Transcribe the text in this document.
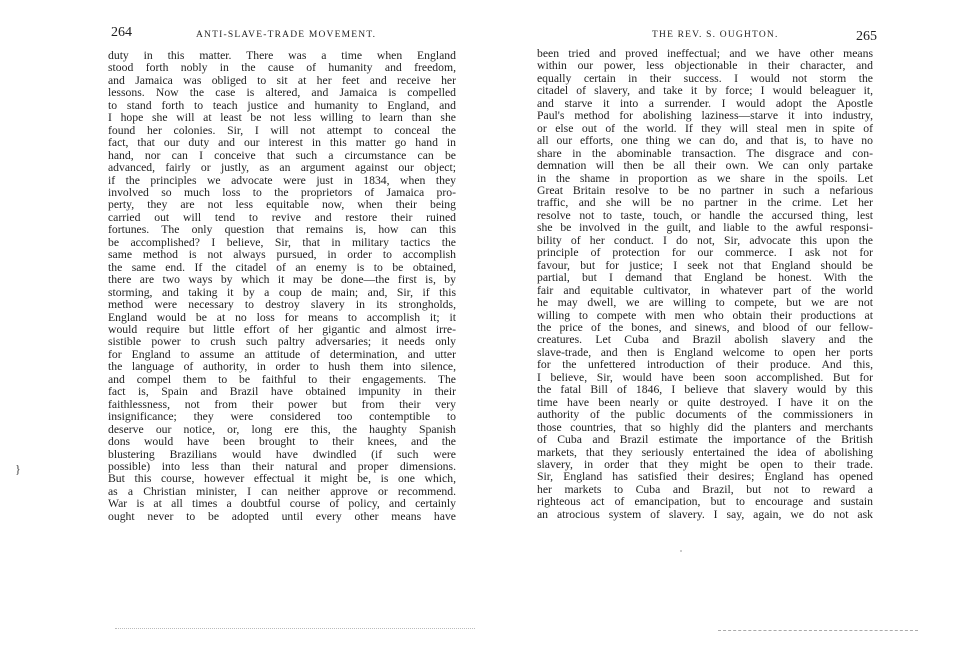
264	ANTI-SLAVE-TRADE MOVEMENT.
duty in this matter. There was a time when England
stood forth nobly in the cause of humanity and freedom,
and Jamaica was obliged to sit at her feet and receive her
lessons. Now the case is altered, and Jamaica is compelled
to stand forth to teach justice and humanity to England, and
I hope she will at least be not less willing to learn than she
found her colonies. Sir, I will not attempt to conceal the
fact, that our duty and our interest in this matter go hand in
hand, nor can I conceive that such a circumstance can be
advanced, fairly or justly, as an argument against our object;
if the principles we advocate were just in 1834, when they
involved so much loss to the proprietors of Jamaica pro-
perty, they are not less equitable now, when their being
carried out will tend to revive and restore their ruined
fortunes. The only question that remains is, how can this
be accomplished? I believe, Sir, that in military tactics the
same method is not always pursued, in order to accomplish
the same end. If the citadel of an enemy is to be obtained,
there are two ways by which it may be done—the first is, by
storming, and taking it by a coup de main; and, Sir, if this
method were necessary to destroy slavery in its strongholds,
England would be at no loss for means to accomplish it; it
would require but little effort of her gigantic and almost irre-
sistible power to crush such paltry adversaries; it needs only
for England to assume an attitude of determination, and utter
the language of authority, in order to hush them into silence,
and compel them to be faithful to their engagements. The
fact is, Spain and Brazil have obtained impunity in their
faithlessness, not from their power but from their very
insignificance; they were considered too contemptible to
deserve our notice, or, long ere this, the haughty Spanish
dons would have been brought to their knees, and the
blustering Brazilians would have dwindled (if such were
possible) into less than their natural and proper dimensions.
But this course, however effectual it might be, is one which,
as a Christian minister, I can neither approve or recommend.
War is at all times a doubtful course of policy, and certainly
ought never to be adopted until every other means have
THE REV. S. OUGHTON.	265
been tried and proved ineffectual; and we have other means
within our power, less objectionable in their character, and
equally certain in their success. I would not storm the
citadel of slavery, and take it by force; I would beleaguer it,
and starve it into a surrender. I would adopt the Apostle
Paul's method for abolishing laziness—starve it into industry,
or else out of the world. If they will steal men in spite of
all our efforts, one thing we can do, and that is, to have no
share in the abominable transaction. The disgrace and con-
demnation will then be all their own. We can only partake
in the shame in proportion as we share in the spoils. Let
Great Britain resolve to be no partner in such a nefarious
traffic, and she will be no partner in the crime. Let her
resolve not to taste, touch, or handle the accursed thing, lest
she be involved in the guilt, and liable to the awful responsi-
bility of her conduct. I do not, Sir, advocate this upon the
principle of protection for our commerce. I ask not for
favour, but for justice; I seek not that England should be
partial, but I demand that England be honest. With the
fair and equitable cultivator, in whatever part of the world
he may dwell, we are willing to compete, but we are not
willing to compete with men who obtain their productions at
the price of the bones, and sinews, and blood of our fellow-
creatures. Let Cuba and Brazil abolish slavery and the
slave-trade, and then is England welcome to open her ports
for the unfettered introduction of their produce. And this,
I believe, Sir, would have been soon accomplished. But for
the fatal Bill of 1846, I believe that slavery would by this
time have been nearly or quite destroyed. I have it on the
authority of the public documents of the commissioners in
those countries, that so highly did the planters and merchants
of Cuba and Brazil estimate the importance of the British
markets, that they seriously entertained the idea of abolishing
slavery, in order that they might be open to their trade.
Sir, England has satisfied their desires; England has opened
her markets to Cuba and Brazil, but not to reward a
righteous act of emancipation, but to encourage and sustain
an atrocious system of slavery. I say, again, we do not ask
}
